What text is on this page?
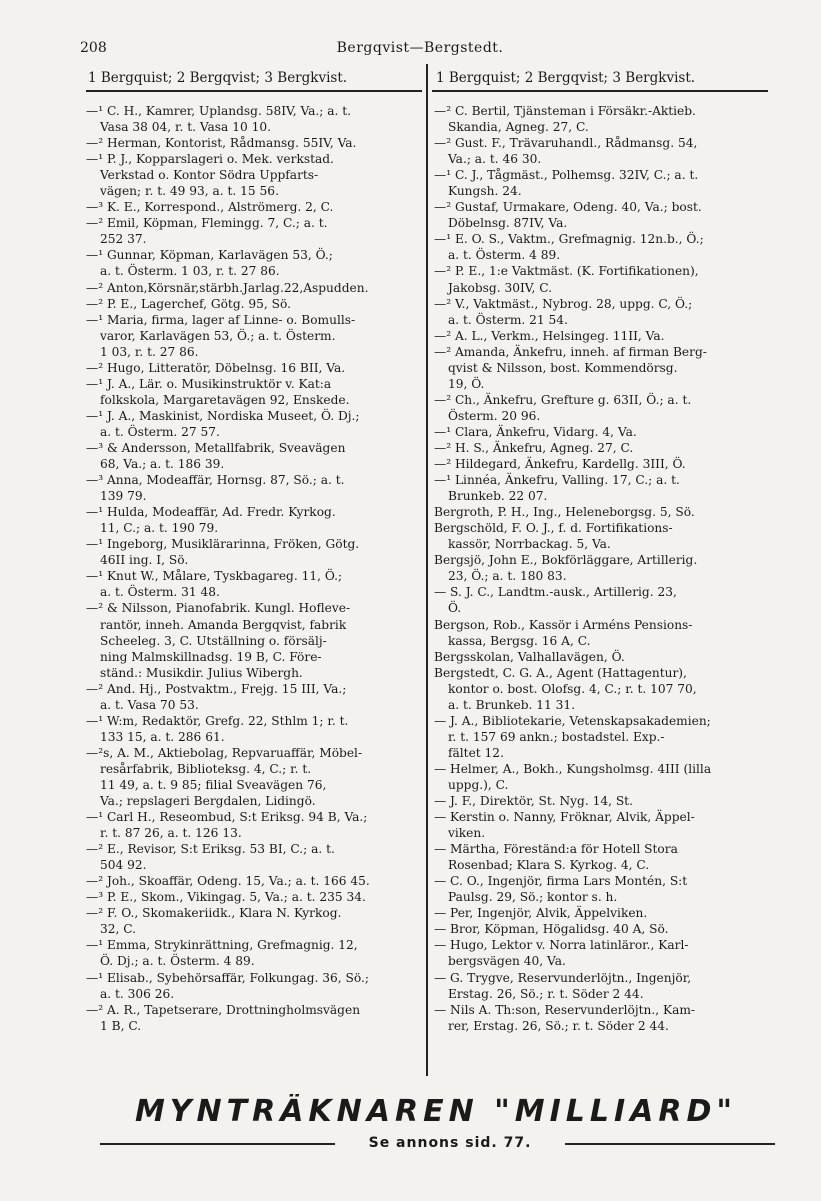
208	Bergqvist—Bergstedt.
1 Bergquist; 2 Bergqvist; 3 Bergkvist.	1 Bergquist; 2 Bergqvist; 3 Bergkvist.
—¹ C. H., Kamrer, Uplandsg. 58IV, Va.; a. t.
Vasa 38 04, r. t. Vasa 10 10.
—² Herman, Kontorist, Rådmansg. 55IV, Va.
—¹ P. J., Kopparslageri o. Mek. verkstad.
Verkstad o. Kontor Södra Uppfarts-
vägen; r. t. 49 93, a. t. 15 56.
—³ K. E., Korrespond., Alströmerg. 2, C.
—² Emil, Köpman, Flemingg. 7, C.; a. t.
252 37.
—¹ Gunnar, Köpman, Karlavägen 53, Ö.;
a. t. Österm. 1 03, r. t. 27 86.
—² Anton,Körsnär,stärbh.Jarlag.22,Aspudden.
—² P. E., Lagerchef, Götg. 95, Sö.
—¹ Maria, firma, lager af Linne- o. Bomulls-
varor, Karlavägen 53, Ö.; a. t. Österm.
1 03, r. t. 27 86.
—² Hugo, Litteratör, Döbelnsg. 16 BII, Va.
—¹ J. A., Lär. o. Musikinstruktör v. Kat:a
folkskola, Margaretavägen 92, Enskede.
—¹ J. A., Maskinist, Nordiska Museet, Ö. Dj.;
a. t. Österm. 27 57.
—³ & Andersson, Metallfabrik, Sveavägen
68, Va.; a. t. 186 39.
—³ Anna, Modeaffär, Hornsg. 87, Sö.; a. t.
139 79.
—¹ Hulda, Modeaffär, Ad. Fredr. Kyrkog.
11, C.; a. t. 190 79.
—¹ Ingeborg, Musiklärarinna, Fröken, Götg.
46II ing. I, Sö.
—¹ Knut W., Målare, Tyskbagareg. 11, Ö.;
a. t. Österm. 31 48.
—² & Nilsson, Pianofabrik. Kungl. Hofleve-
rantör, inneh. Amanda Bergqvist, fabrik
Scheeleg. 3, C. Utställning o. försälj-
ning Malmskillnadsg. 19 B, C. Före-
ständ.: Musikdir. Julius Wibergh.
—² And. Hj., Postvaktm., Frejg. 15 III, Va.;
a. t. Vasa 70 53.
—¹ W:m, Redaktör, Grefg. 22, Sthlm 1; r. t.
133 15, a. t. 286 61.
—²s, A. M., Aktiebolag, Repvaruaffär, Möbel-
resårfabrik, Biblioteksg. 4, C.; r. t.
11 49, a. t. 9 85; filial Sveavägen 76,
Va.; repslageri Bergdalen, Lidingö.
—¹ Carl H., Reseombud, S:t Eriksg. 94 B, Va.;
r. t. 87 26, a. t. 126 13.
—² E., Revisor, S:t Eriksg. 53 BI, C.; a. t.
504 92.
—² Joh., Skoaffär, Odeng. 15, Va.; a. t. 166 45.
—³ P. E., Skom., Vikingag. 5, Va.; a. t. 235 34.
—² F. O., Skomakeriidk., Klara N. Kyrkog.
32, C.
—¹ Emma, Strykinrättning, Grefmagnig. 12,
Ö. Dj.; a. t. Österm. 4 89.
—¹ Elisab., Sybehörsaffär, Folkungag. 36, Sö.;
a. t. 306 26.
—² A. R., Tapetserare, Drottningholmsvägen
1 B, C.
—² C. Bertil, Tjänsteman i Försäkr.-Aktieb.
Skandia, Agneg. 27, C.
—² Gust. F., Trävaruhandl., Rådmansg. 54,
Va.; a. t. 46 30.
—¹ C. J., Tågmäst., Polhemsg. 32IV, C.; a. t.
Kungsh. 24.
—² Gustaf, Urmakare, Odeng. 40, Va.; bost.
Döbelnsg. 87IV, Va.
—¹ E. O. S., Vaktm., Grefmagnig. 12n.b., Ö.;
a. t. Österm. 4 89.
—² P. E., 1:e Vaktmäst. (K. Fortifikationen),
Jakobsg. 30IV, C.
—² V., Vaktmäst., Nybrog. 28, uppg. C, Ö.;
a. t. Österm. 21 54.
—² A. L., Verkm., Helsingeg. 11II, Va.
—² Amanda, Änkefru, inneh. af firman Berg-
qvist & Nilsson, bost. Kommendörsg.
19, Ö.
—² Ch., Änkefru, Grefture g. 63II, Ö.; a. t.
Österm. 20 96.
—¹ Clara, Änkefru, Vidarg. 4, Va.
—² H. S., Änkefru, Agneg. 27, C.
—² Hildegard, Änkefru, Kardellg. 3III, Ö.
—¹ Linnéa, Änkefru, Valling. 17, C.; a. t.
Brunkeb. 22 07.
Bergroth, P. H., Ing., Heleneborgsg. 5, Sö.
Bergschöld, F. O. J., f. d. Fortifikations-
kassör, Norrbackag. 5, Va.
Bergsjö, John E., Bokförläggare, Artillerig.
23, Ö.; a. t. 180 83.
— S. J. C., Landtm.-ausk., Artillerig. 23,
Ö.
Bergson, Rob., Kassör i Arméns Pensions-
kassa, Bergsg. 16 A, C.
Bergsskolan, Valhallavägen, Ö.
Bergstedt, C. G. A., Agent (Hattagentur),
kontor o. bost. Olofsg. 4, C.; r. t. 107 70,
a. t. Brunkeb. 11 31.
— J. A., Bibliotekarie, Vetenskapsakademien;
r. t. 157 69 ankn.; bostadstel. Exp.-
fältet 12.
— Helmer, A., Bokh., Kungsholmsg. 4III (lilla
uppg.), C.
— J. F., Direktör, St. Nyg. 14, St.
— Kerstin o. Nanny, Fröknar, Alvik, Äppel-
viken.
— Märtha, Föreständ:a för Hotell Stora
Rosenbad; Klara S. Kyrkog. 4, C.
— C. O., Ingenjör, firma Lars Montén, S:t
Paulsg. 29, Sö.; kontor s. h.
— Per, Ingenjör, Alvik, Äppelviken.
— Bror, Köpman, Högalidsg. 40 A, Sö.
— Hugo, Lektor v. Norra latinläror., Karl-
bergsvägen 40, Va.
— G. Trygve, Reservunderlöjtn., Ingenjör,
Erstag. 26, Sö.; r. t. Söder 2 44.
— Nils A. Th:son, Reservunderlöjtn., Kam-
rer, Erstag. 26, Sö.; r. t. Söder 2 44.
MYNTRÄKNAREN "MILLIARD"
Se annons sid. 77.
